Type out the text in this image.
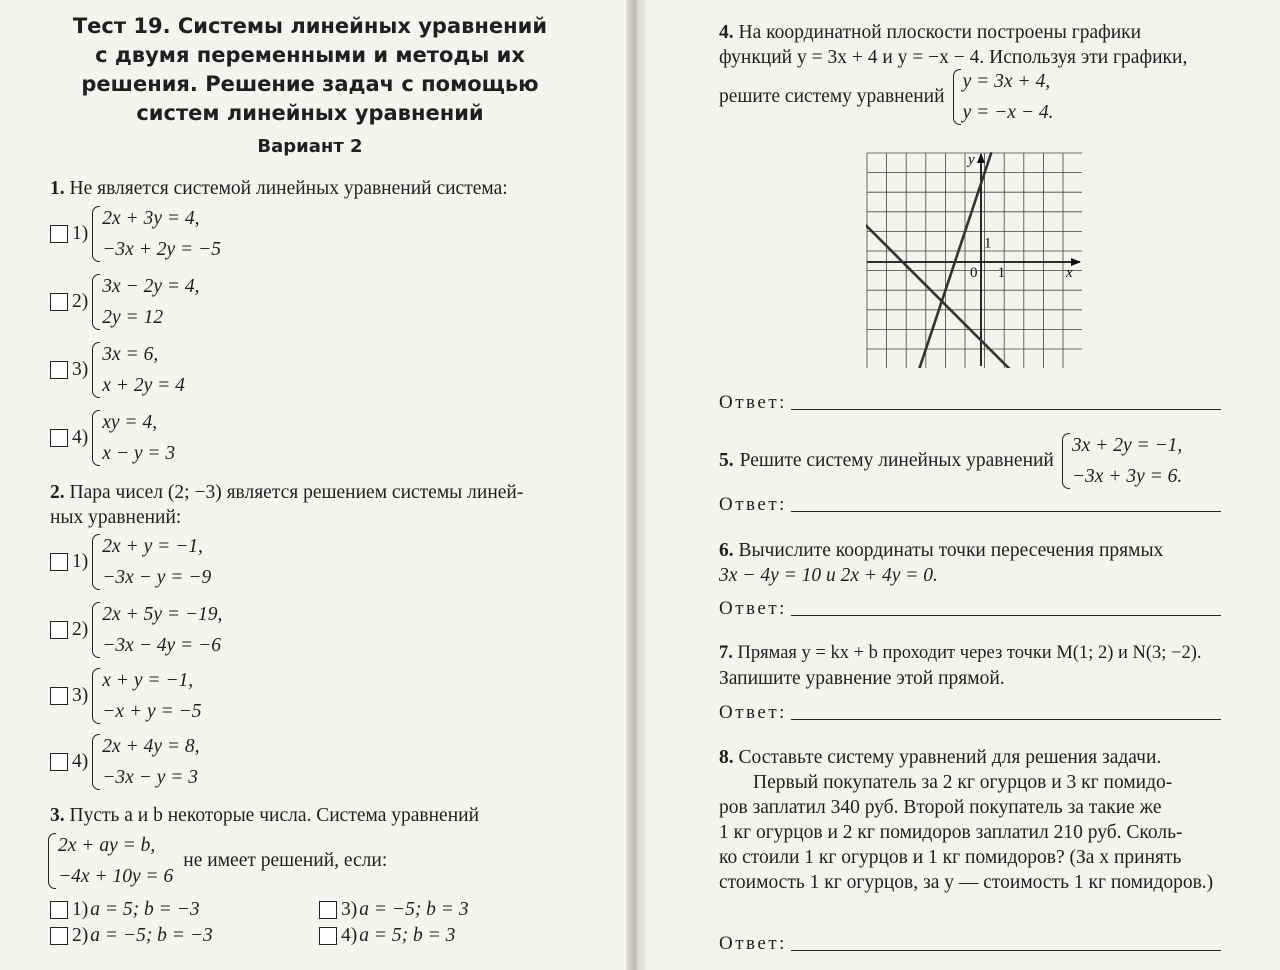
Тест 19. Системы линейных уравнений
с двумя переменными и методы их
решения. Решение задач с помощью
систем линейных уравнений
Вариант 2
1. Не является системой линейных уравнений система:
1)
2x + 3y = 4,
−3x + 2y = −5
2)
3x − 2y = 4,
2y = 12
3)
3x = 6,
x + 2y = 4
4)
xy = 4,
x − y = 3
2. Пара чисел (2; −3) является решением системы линей-
ных уравнений:
1)
2x + y = −1,
−3x − y = −9
2)
2x + 5y = −19,
−3x − 4y = −6
3)
x + y = −1,
−x + y = −5
4)
2x + 4y = 8,
−3x − y = 3
3. Пусть a и b некоторые числа. Система уравнений
2x + ay = b,
−4x + 10y = 6
не имеет решений, если:
1) a = 5; b = −3
2) a = −5; b = −3
3) a = −5; b = 3
4) a = 5; b = 3
4. На координатной плоскости построены графики
функций y = 3x + 4 и y = −x − 4. Используя эти графики,
решите систему уравнений
y = 3x + 4,
y = −x − 4.
y
x
0 1
1
Ответ:
5. Решите систему линейных уравнений
3x + 2y = −1,
−3x + 3y = 6.
Ответ:
6. Вычислите координаты точки пересечения прямых
3x − 4y = 10 и 2x + 4y = 0.
Ответ:
7. Прямая y = kx + b проходит через точки M(1; 2) и N(3; −2).
Запишите уравнение этой прямой.
Ответ:
8. Составьте систему уравнений для решения задачи.
Первый покупатель за 2 кг огурцов и 3 кг помидо-
ров заплатил 340 руб. Второй покупатель за такие же
1 кг огурцов и 2 кг помидоров заплатил 210 руб. Сколь-
ко стоили 1 кг огурцов и 1 кг помидоров? (За x принять
стоимость 1 кг огурцов, за y — стоимость 1 кг помидоров.)
Ответ:
